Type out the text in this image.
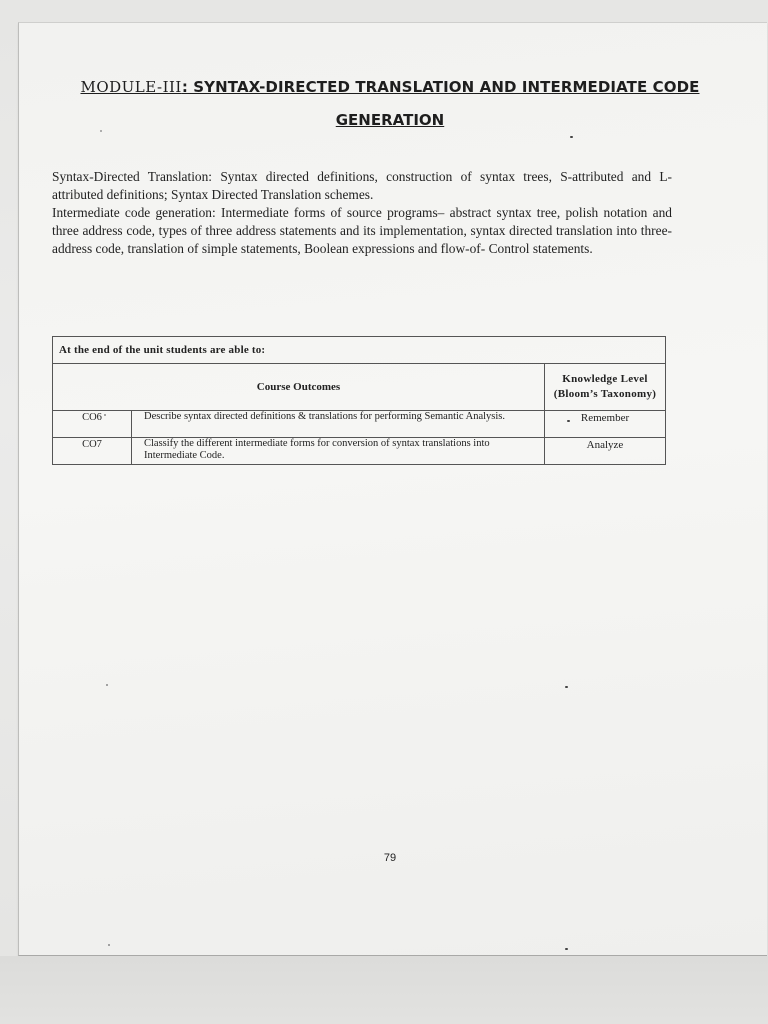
MODULE-III: SYNTAX-DIRECTED TRANSLATION AND INTERMEDIATE CODE
GENERATION
Syntax-Directed Translation: Syntax directed definitions, construction of syntax trees, S-attributed and L- attributed definitions; Syntax Directed Translation schemes.
Intermediate code generation: Intermediate forms of source programs– abstract syntax tree, polish notation and three address code, types of three address statements and its implementation, syntax directed translation into three-address code, translation of simple statements, Boolean expressions and flow-of- Control statements.
At the end of the unit students are able to:		
Course Outcomes		Knowledge Level (Bloom’s Taxonomy)
CO6	Describe syntax directed definitions & translations for performing Semantic Analysis.	Remember
CO7	Classify the different intermediate forms for conversion of syntax translations into Intermediate Code.	Analyze
79
